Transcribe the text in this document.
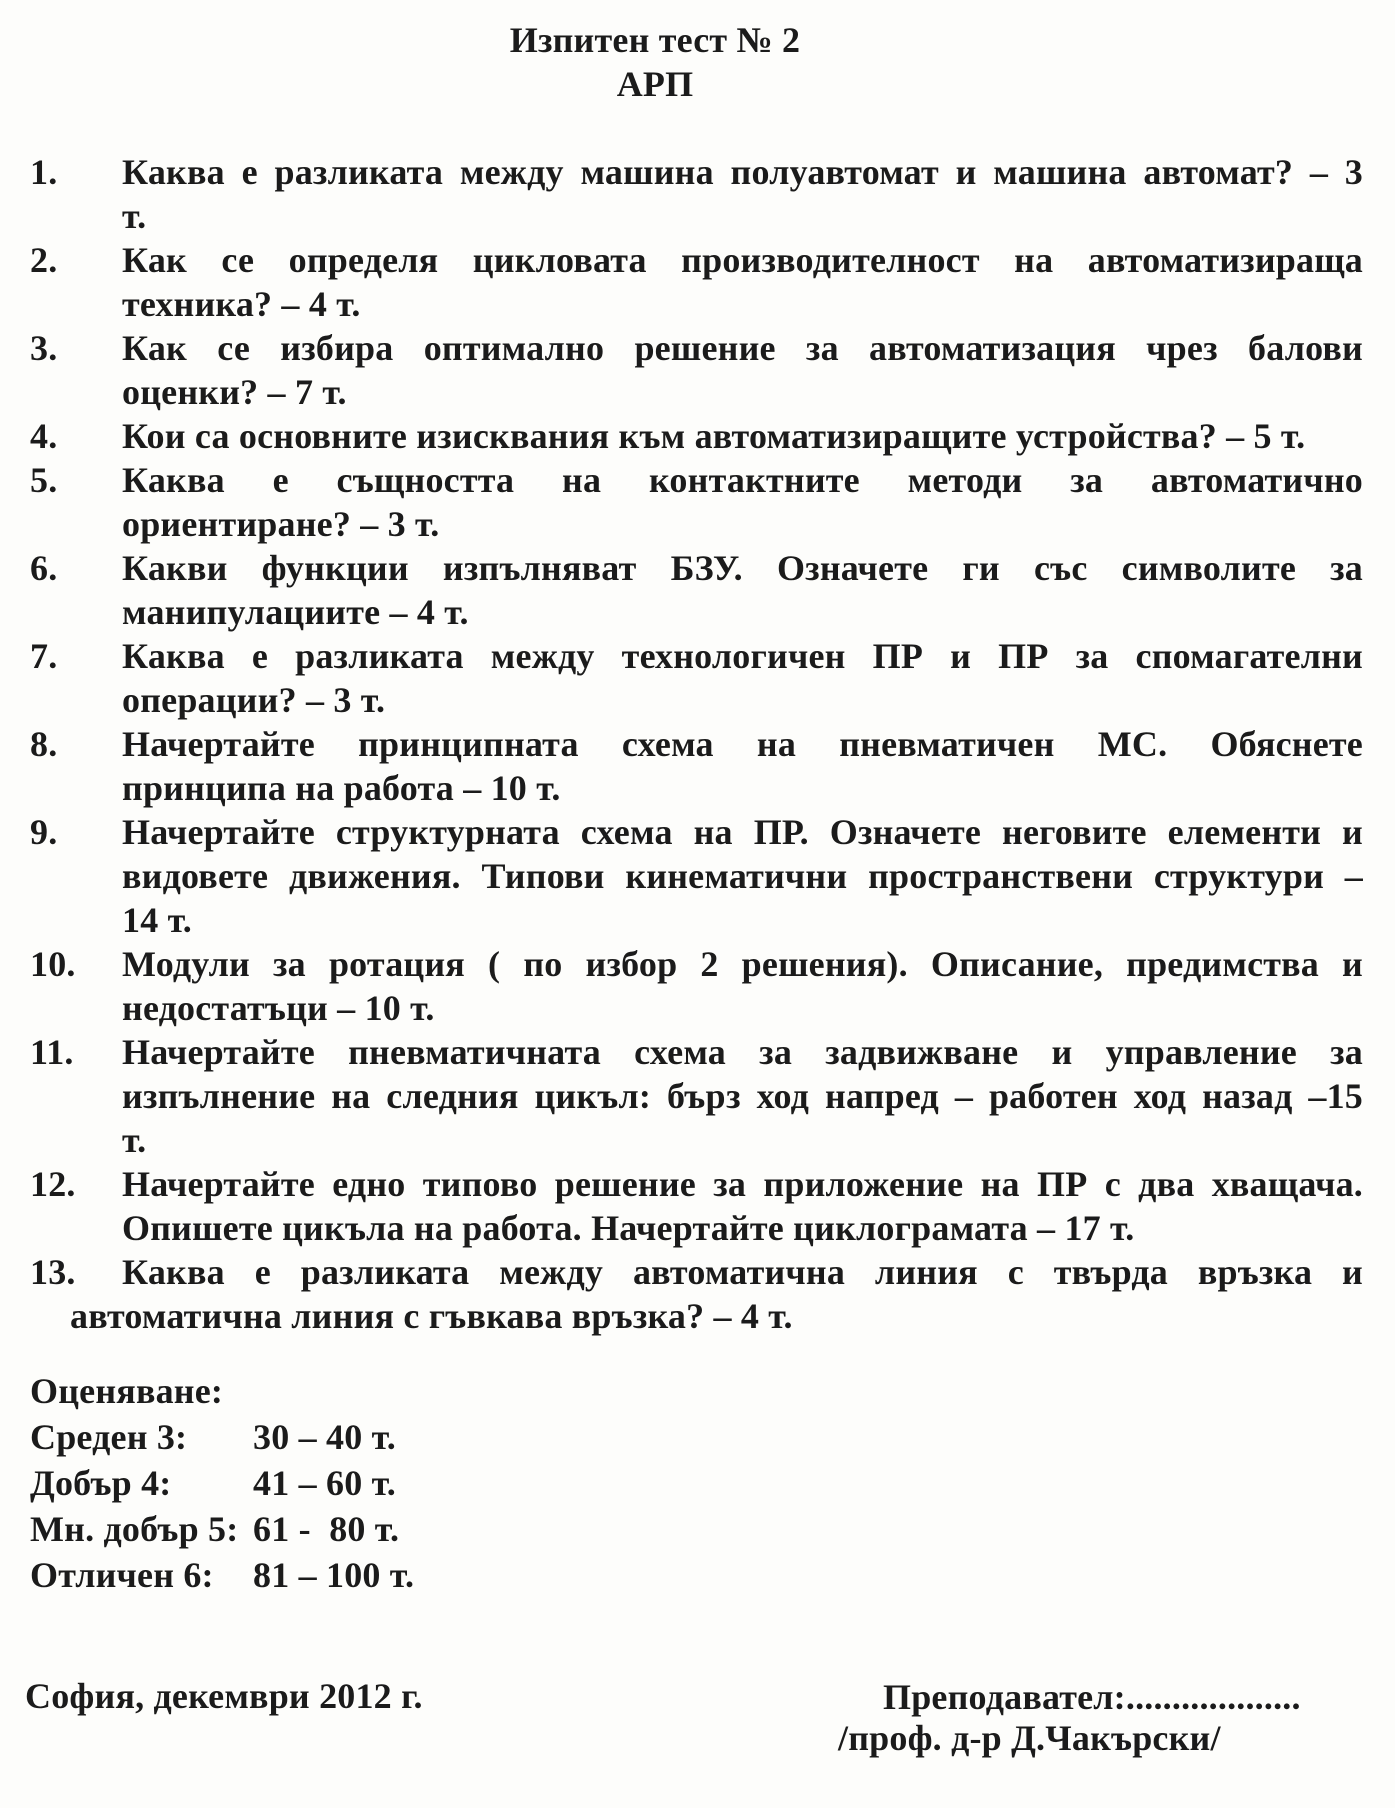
Изпитен тест № 2
АРП
1. Каква е разликата между машина полуавтомат и машина автомат? – 3
т.
2. Как се определя цикловата производителност на автоматизираща
техника? – 4 т.
3. Как се избира оптимално решение за автоматизация чрез балови
оценки? – 7 т.
4. Кои са основните изисквания към автоматизиращите устройства? – 5 т.
5. Каква е същността на контактните методи за автоматично
ориентиране? – 3 т.
6. Какви функции изпълняват БЗУ. Означете ги със символите за
манипулациите – 4 т.
7. Каква е разликата между технологичен ПР и ПР за спомагателни
операции? – 3 т.
8. Начертайте принципната схема на пневматичен МС. Обяснете
принципа на работа – 10 т.
9. Начертайте структурната схема на ПР. Означете неговите елементи и
видовете движения. Типови кинематични пространствени структури –
14 т.
10. Модули за ротация ( по избор 2 решения). Описание, предимства и
недостатъци – 10 т.
11. Начертайте пневматичната схема за задвижване и управление за
изпълнение на следния цикъл: бърз ход напред – работен ход назад –15
т.
12. Начертайте едно типово решение за приложение на ПР с два хващача.
Опишете цикъла на работа. Начертайте циклограмата – 17 т.
13. Каква е разликата между автоматична линия с твърда връзка и
автоматична линия с гъвкава връзка? – 4 т.
Оценяване:
Среден 3:	30 – 40 т.
Добър 4:	41 – 60 т.
Мн. добър 5: 61 -  80 т.
Отличен 6:	81 – 100 т.
София, декември 2012 г.	Преподавател:...................
/проф. д-р Д.Чакърски/
